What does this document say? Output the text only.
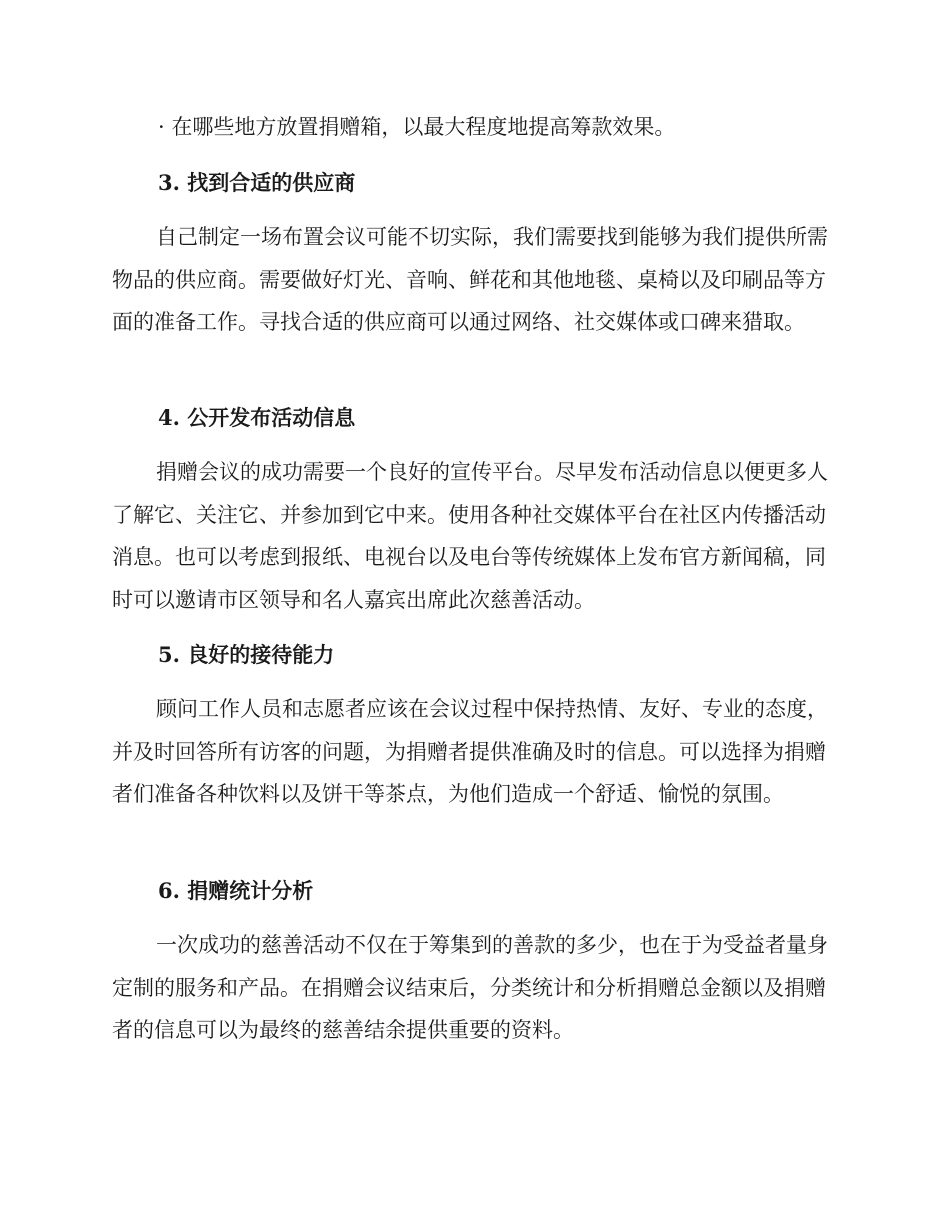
· 在哪些地方放置捐赠箱，以最大程度地提高筹款效果。
3. 找到合适的供应商

自己制定一场布置会议可能不切实际，我们需要找到能够为我们提供所需物品的供应商。需要做好灯光、音响、鲜花和其他地毯、桌椅以及印刷品等方面的准备工作。寻找合适的供应商可以通过网络、社交媒体或口碑来猎取。

4. 公开发布活动信息

捐赠会议的成功需要一个良好的宣传平台。尽早发布活动信息以便更多人了解它、关注它、并参加到它中来。使用各种社交媒体平台在社区内传播活动消息。也可以考虑到报纸、电视台以及电台等传统媒体上发布官方新闻稿，同时可以邀请市区领导和名人嘉宾出席此次慈善活动。

5. 良好的接待能力

顾问工作人员和志愿者应该在会议过程中保持热情、友好、专业的态度，并及时回答所有访客的问题，为捐赠者提供准确及时的信息。可以选择为捐赠者们准备各种饮料以及饼干等茶点，为他们造成一个舒适、愉悦的氛围。

6. 捐赠统计分析

一次成功的慈善活动不仅在于筹集到的善款的多少，也在于为受益者量身定制的服务和产品。在捐赠会议结束后，分类统计和分析捐赠总金额以及捐赠者的信息可以为最终的慈善结余提供重要的资料。
